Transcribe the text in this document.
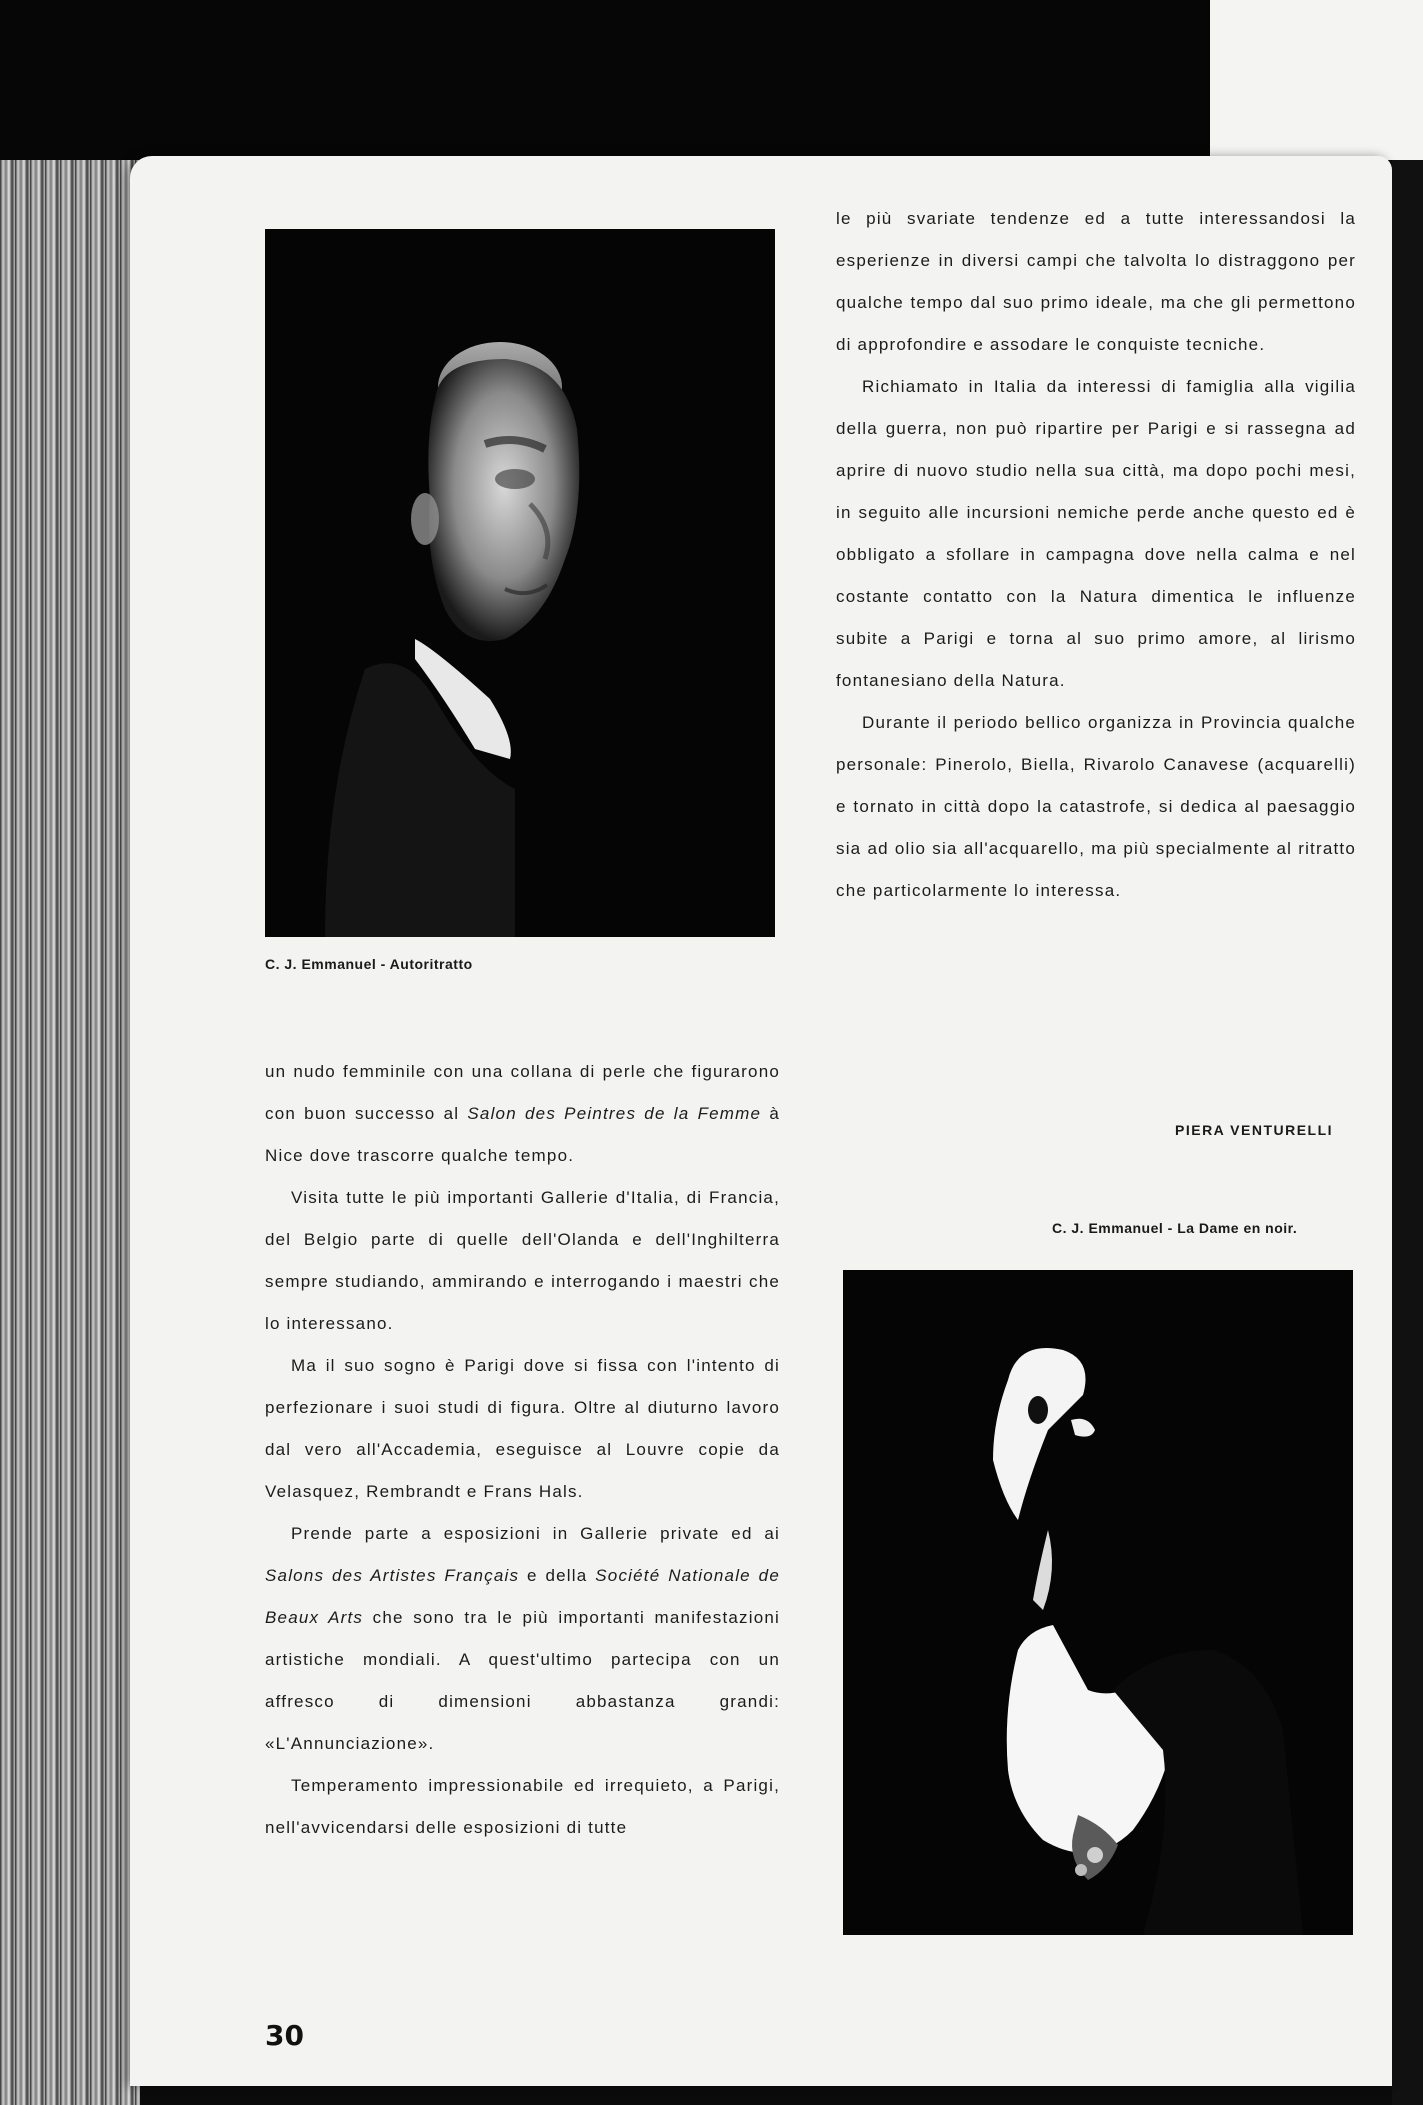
C. J. Emmanuel - Autoritratto
C. J. Emmanuel - La Dame en noir.

un nudo femminile con una collana di perle che figurarono con buon successo al Salon des Peintres de la Femme à Nice dove trascorre qualche tempo.

Visita tutte le più importanti Gallerie d'Italia, di Francia, del Belgio parte di quelle dell'Olanda e dell'Inghilterra sempre studiando, ammirando e interrogando i maestri che lo interessano.

Ma il suo sogno è Parigi dove si fissa con l'intento di perfezionare i suoi studi di figura. Oltre al diuturno lavoro dal vero all'Accademia, eseguisce al Louvre copie da Velasquez, Rembrandt e Frans Hals.

Prende parte a esposizioni in Gallerie private ed ai Salons des Artistes Français e della Société Nationale de Beaux Arts che sono tra le più importanti manifestazioni artistiche mondiali. A quest'ultimo partecipa con un affresco di dimensioni abbastanza grandi: «L'Annunciazione».

Temperamento impressionabile ed irrequieto, a Parigi, nell'avvicendarsi delle esposizioni di tutte

le più svariate tendenze ed a tutte interessandosi la esperienze in diversi campi che talvolta lo distraggono per qualche tempo dal suo primo ideale, ma che gli permettono di approfondire e assodare le conquiste tecniche.

Richiamato in Italia da interessi di famiglia alla vigilia della guerra, non può ripartire per Parigi e si rassegna ad aprire di nuovo studio nella sua città, ma dopo pochi mesi, in seguito alle incursioni nemiche perde anche questo ed è obbligato a sfollare in campagna dove nella calma e nel costante contatto con la Natura dimentica le influenze subite a Parigi e torna al suo primo amore, al lirismo fontanesiano della Natura.

Durante il periodo bellico organizza in Provincia qualche personale: Pinerolo, Biella, Rivarolo Canavese (acquarelli) e tornato in città dopo la catastrofe, si dedica al paesaggio sia ad olio sia all'acquarello, ma più specialmente al ritratto che particolarmente lo interessa.

PIERA VENTURELLI
30
